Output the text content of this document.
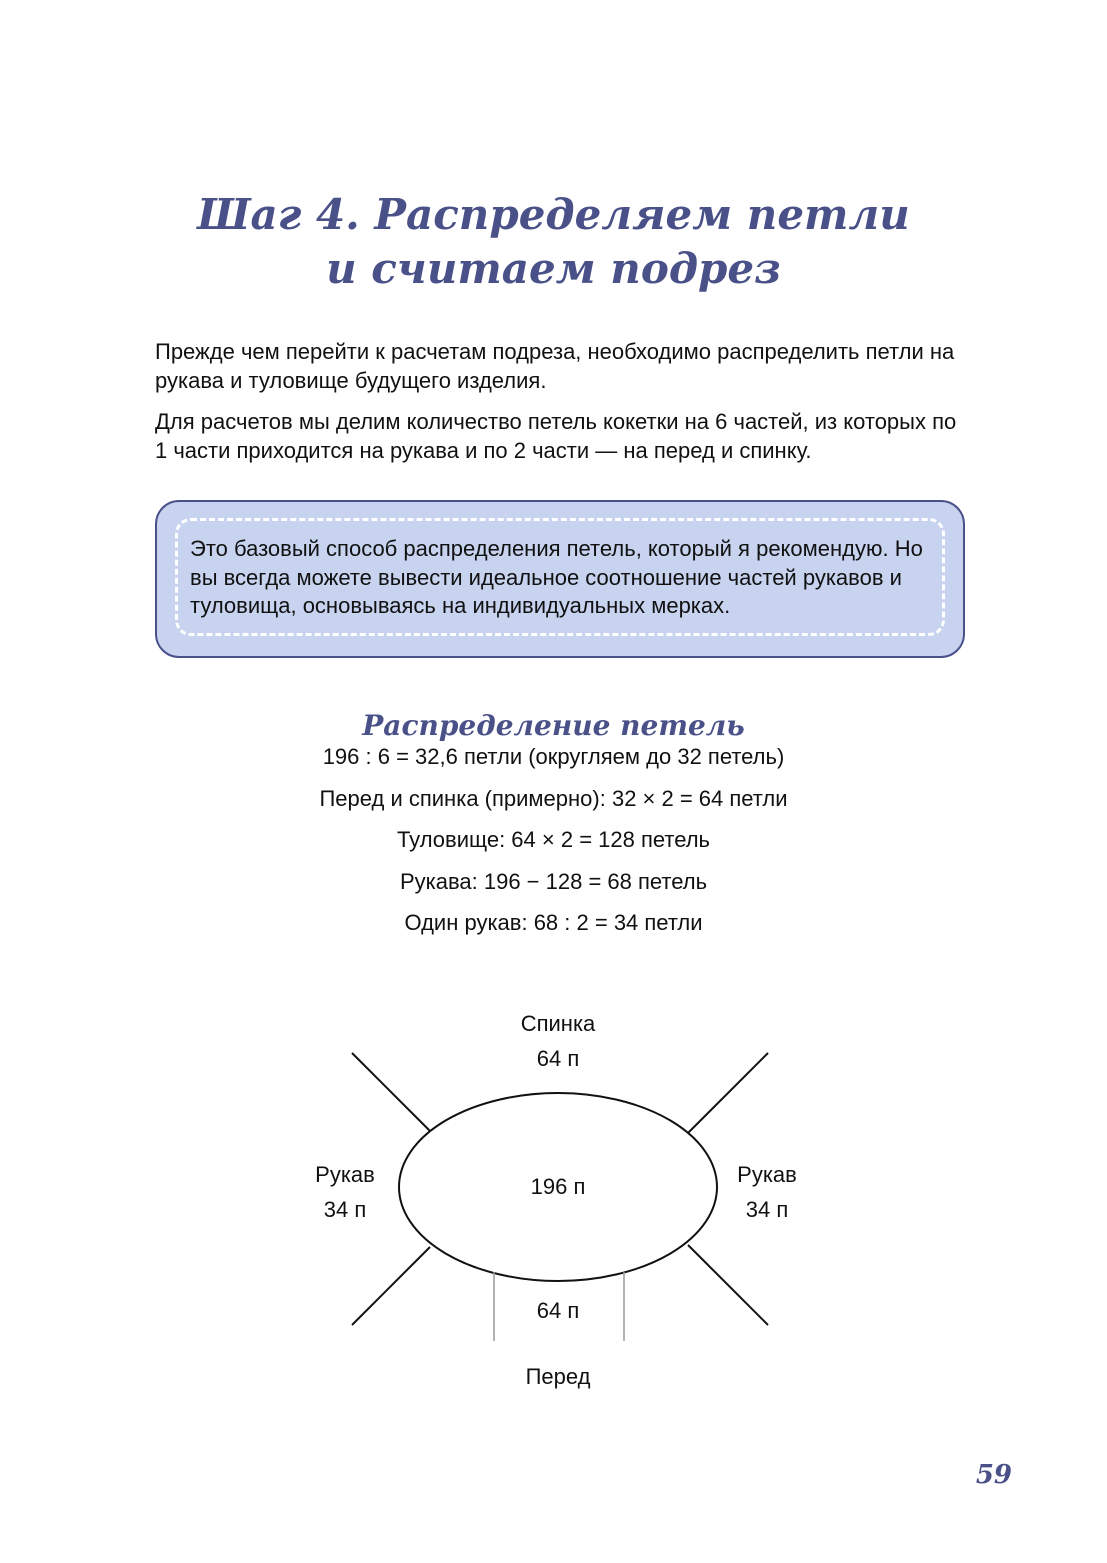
Шаг 4. Распределяем петли
и считаем подрез

Прежде чем перейти к расчетам подреза, необходимо распределить петли на рукава и туловище будущего изделия.

Для расчетов мы делим количество петель кокетки на 6 частей, из которых по 1 части приходится на рукава и по 2 части — на перед и спинку.

Это базовый способ распределения петель, который я рекомендую. Но вы всегда можете вывести идеальное соотношение частей рукавов и туловища, основываясь на индивидуальных мерках.

Распределение петель
196 : 6 = 32,6 петли (округляем до 32 петель)
Перед и спинка (примерно): 32 × 2 = 64 петли
Туловище: 64 × 2 = 128 петель
Рукава: 196 − 128 = 68 петель
Один рукав: 68 : 2 = 34 петли
Спинка
64 п
Рукав
34 п
Рукав
34 п
196 п
64 п
Перед
59
